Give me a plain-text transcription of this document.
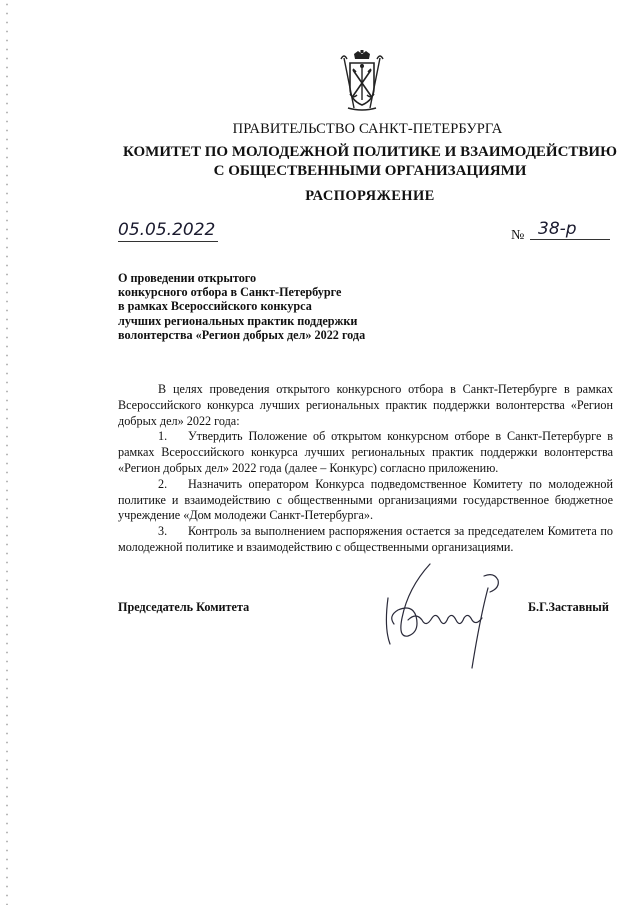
ПРАВИТЕЛЬСТВО САНКТ-ПЕТЕРБУРГА
КОМИТЕТ ПО МОЛОДЕЖНОЙ ПОЛИТИКЕ И ВЗАИМОДЕЙСТВИЮ
С ОБЩЕСТВЕННЫМИ ОРГАНИЗАЦИЯМИ
РАСПОРЯЖЕНИЕ
05.05.2022	№ 38-р
О проведении открытого
конкурсного отбора в Санкт-Петербурге
в рамках Всероссийского конкурса
лучших региональных практик поддержки
волонтерства «Регион добрых дел» 2022 года

В целях проведения открытого конкурсного отбора в Санкт-Петербурге в рамках Всероссийского конкурса лучших региональных практик поддержки волонтерства «Регион добрых дел» 2022 года:

1. Утвердить Положение об открытом конкурсном отборе в Санкт-Петербурге в рамках Всероссийского конкурса лучших региональных практик поддержки волонтерства «Регион добрых дел» 2022 года (далее – Конкурс) согласно приложению.

2. Назначить оператором Конкурса подведомственное Комитету по молодежной политике и взаимодействию с общественными организациями государственное бюджетное учреждение «Дом молодежи Санкт-Петербурга».

3. Контроль за выполнением распоряжения остается за председателем Комитета по молодежной политике и взаимодействию с общественными организациями.

Председатель Комитета	Б.Г.Заставный
